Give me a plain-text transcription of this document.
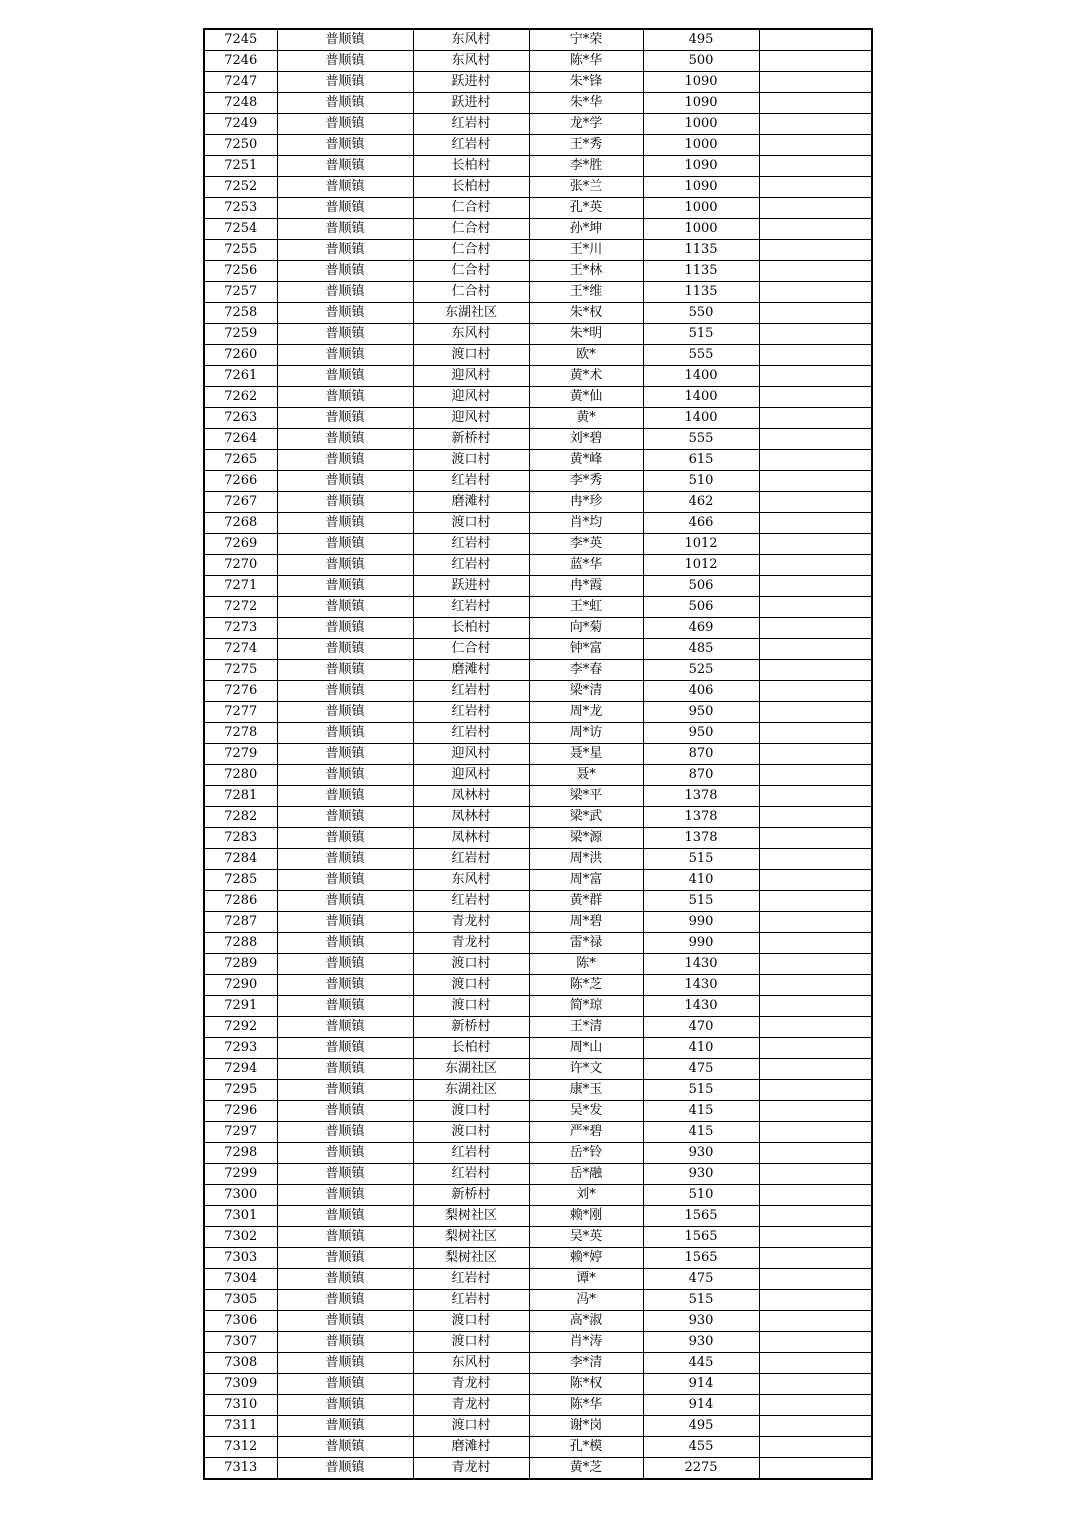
7245	普顺镇	东风村	宁*荣	495	
7246	普顺镇	东风村	陈*华	500	
7247	普顺镇	跃进村	朱*锋	1090	
7248	普顺镇	跃进村	朱*华	1090	
7249	普顺镇	红岩村	龙*学	1000	
7250	普顺镇	红岩村	王*秀	1000	
7251	普顺镇	长柏村	李*胜	1090	
7252	普顺镇	长柏村	张*兰	1090	
7253	普顺镇	仁合村	孔*英	1000	
7254	普顺镇	仁合村	孙*坤	1000	
7255	普顺镇	仁合村	王*川	1135	
7256	普顺镇	仁合村	王*林	1135	
7257	普顺镇	仁合村	王*维	1135	
7258	普顺镇	东湖社区	朱*权	550	
7259	普顺镇	东风村	朱*明	515	
7260	普顺镇	渡口村	欧*	555	
7261	普顺镇	迎风村	黄*术	1400	
7262	普顺镇	迎风村	黄*仙	1400	
7263	普顺镇	迎风村	黄*	1400	
7264	普顺镇	新桥村	刘*碧	555	
7265	普顺镇	渡口村	黄*峰	615	
7266	普顺镇	红岩村	李*秀	510	
7267	普顺镇	磨滩村	冉*珍	462	
7268	普顺镇	渡口村	肖*均	466	
7269	普顺镇	红岩村	李*英	1012	
7270	普顺镇	红岩村	蓝*华	1012	
7271	普顺镇	跃进村	冉*霞	506	
7272	普顺镇	红岩村	王*虹	506	
7273	普顺镇	长柏村	向*菊	469	
7274	普顺镇	仁合村	钟*富	485	
7275	普顺镇	磨滩村	李*春	525	
7276	普顺镇	红岩村	梁*清	406	
7277	普顺镇	红岩村	周*龙	950	
7278	普顺镇	红岩村	周*访	950	
7279	普顺镇	迎风村	聂*星	870	
7280	普顺镇	迎风村	聂*	870	
7281	普顺镇	凤林村	梁*平	1378	
7282	普顺镇	凤林村	梁*武	1378	
7283	普顺镇	凤林村	梁*源	1378	
7284	普顺镇	红岩村	周*洪	515	
7285	普顺镇	东风村	周*富	410	
7286	普顺镇	红岩村	黄*群	515	
7287	普顺镇	青龙村	周*碧	990	
7288	普顺镇	青龙村	雷*禄	990	
7289	普顺镇	渡口村	陈*	1430	
7290	普顺镇	渡口村	陈*芝	1430	
7291	普顺镇	渡口村	简*琼	1430	
7292	普顺镇	新桥村	王*清	470	
7293	普顺镇	长柏村	周*山	410	
7294	普顺镇	东湖社区	许*文	475	
7295	普顺镇	东湖社区	康*玉	515	
7296	普顺镇	渡口村	吴*发	415	
7297	普顺镇	渡口村	严*碧	415	
7298	普顺镇	红岩村	岳*铃	930	
7299	普顺镇	红岩村	岳*融	930	
7300	普顺镇	新桥村	刘*	510	
7301	普顺镇	梨树社区	赖*刚	1565	
7302	普顺镇	梨树社区	吴*英	1565	
7303	普顺镇	梨树社区	赖*婷	1565	
7304	普顺镇	红岩村	谭*	475	
7305	普顺镇	红岩村	冯*	515	
7306	普顺镇	渡口村	高*淑	930	
7307	普顺镇	渡口村	肖*涛	930	
7308	普顺镇	东风村	李*清	445	
7309	普顺镇	青龙村	陈*权	914	
7310	普顺镇	青龙村	陈*华	914	
7311	普顺镇	渡口村	谢*岗	495	
7312	普顺镇	磨滩村	孔*模	455	
7313	普顺镇	青龙村	黄*芝	2275	
